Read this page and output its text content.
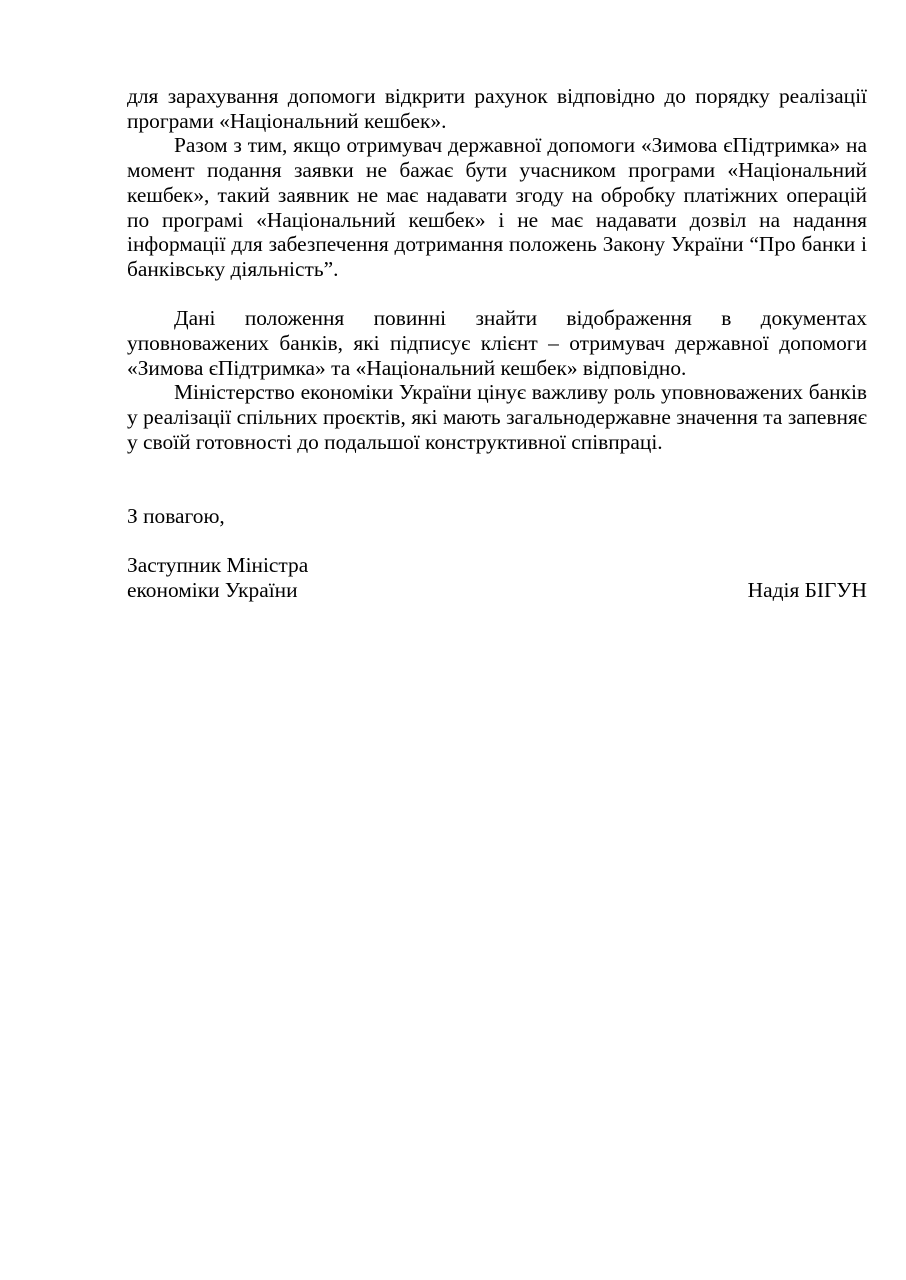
для зарахування допомоги відкрити рахунок відповідно до порядку реалізації програми «Національний кешбек».

Разом з тим, якщо отримувач державної допомоги «Зимова єПідтримка» на момент подання заявки не бажає бути учасником програми «Національний кешбек», такий заявник не має надавати згоду на обробку платіжних операцій по програмі «Національний кешбек» і не має надавати дозвіл на надання інформації для забезпечення дотримання положень Закону України “Про банки і банківську діяльність”.

Дані положення повинні знайти відображення в документах уповноважених банків, які підписує клієнт – отримувач державної допомоги «Зимова єПідтримка» та «Національний кешбек» відповідно.

Міністерство економіки України цінує важливу роль уповноважених банків у реалізації спільних проєктів, які мають загальнодержавне значення та запевняє у своїй готовності до подальшої конструктивної співпраці.

З повагою,

Заступник Міністра
економіки України	Надія БІГУН
